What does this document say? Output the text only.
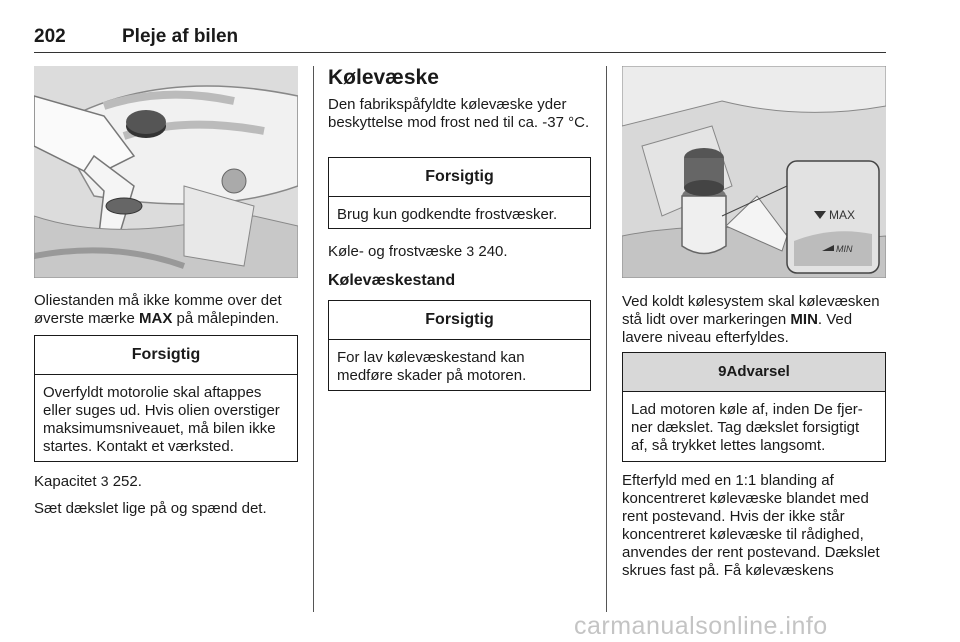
202	Pleje af bilen

Oliestanden må ikke komme over det øverste mærke MAX på målepinden.

Forsigtig
Overfyldt motorolie skal aftappes eller suges ud. Hvis olien overstiger maksimumsniveauet, må bilen ikke startes. Kontakt et værksted.

Kapacitet 3 252.

Sæt dækslet lige på og spænd det.

Kølevæske

Den fabrikspåfyldte kølevæske yder beskyttelse mod frost ned til ca. -37 °C.

Forsigtig
Brug kun godkendte frostvæsker.

Køle- og frostvæske 3 240.

Kølevæskestand
Forsigtig
For lav kølevæskestand kan medføre skader på motoren.
MAX
MIN

Ved koldt kølesystem skal kølevæsken stå lidt over markeringen MIN. Ved lavere niveau efterfyldes.

9Advarsel
Lad motoren køle af, inden De fjerner dækslet. Tag dækslet forsigtigt af, så trykket lettes langsomt.

Efterfyld med en 1:1 blanding af koncentreret kølevæske blandet med rent postevand. Hvis der ikke står koncentreret kølevæske til rådighed, anvendes der rent postevand. Dækslet skrues fast på. Få kølevæskens

carmanualsonline.info
